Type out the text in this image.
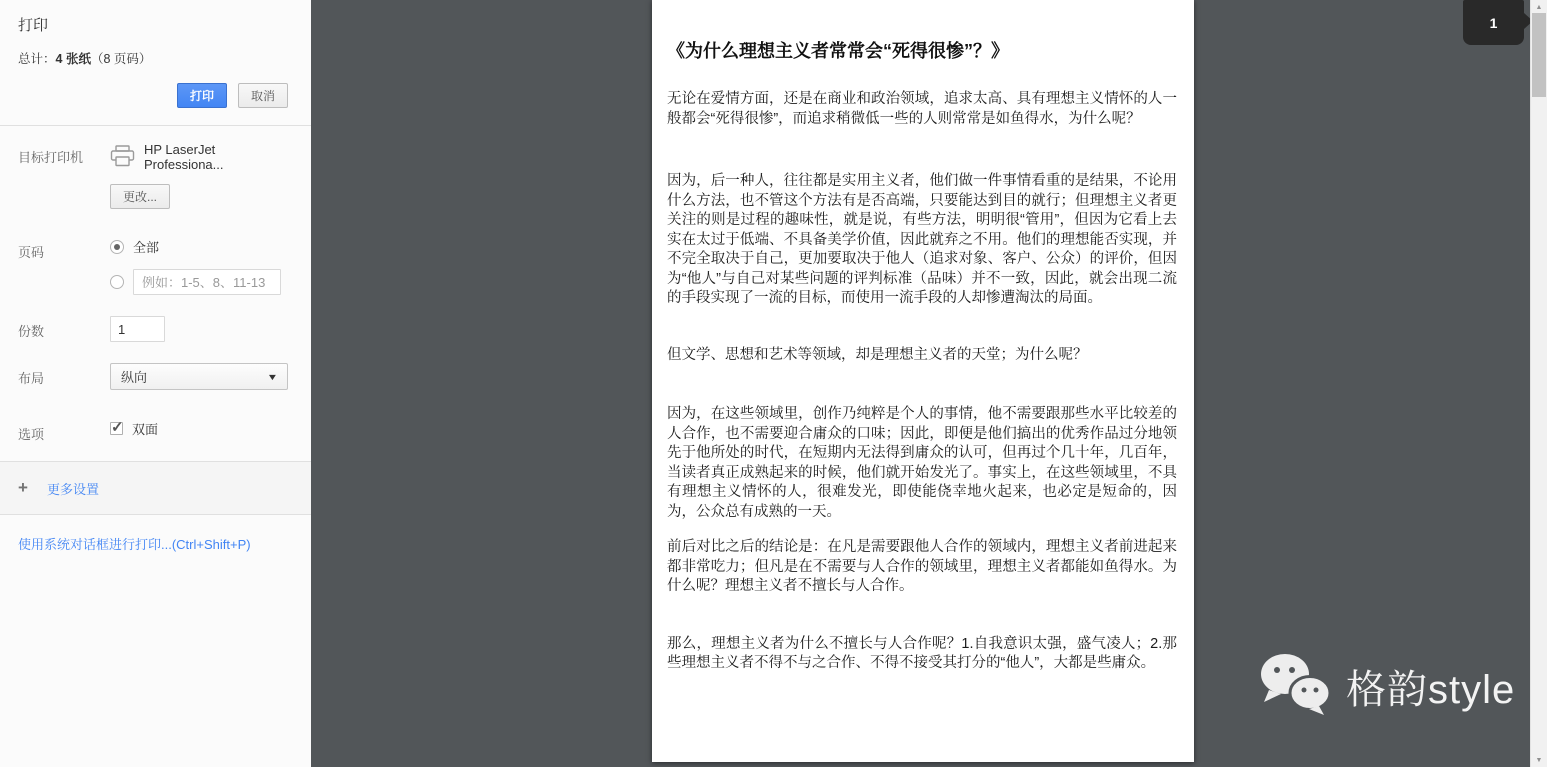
打印
总计：4 张纸（8 页码）
打印	取消
目标打印机
HP LaserJet Professiona...
更改...
页码	全部
例如：1-5、8、11-13
份数
1
布局	纵向	▼
选项	✓ 双面
+	更多设置
使用系统对话框进行打印...(Ctrl+Shift+P)
《为什么理想主义者常常会“死得很惨”？》

无论在爱情方面，还是在商业和政治领域，追求太高、具有理想主义情怀的人一般都会“死得很惨”，而追求稍微低一些的人则常常是如鱼得水，为什么呢？

因为，后一种人，往往都是实用主义者，他们做一件事情看重的是结果，不论用什么方法，也不管这个方法有是否高端，只要能达到目的就行；但理想主义者更关注的则是过程的趣味性，就是说，有些方法，明明很“管用”，但因为它看上去实在太过于低端、不具备美学价值，因此就弃之不用。他们的理想能否实现，并不完全取决于自己，更加要取决于他人（追求对象、客户、公众）的评价，但因为“他人”与自己对某些问题的评判标准（品味）并不一致，因此，就会出现二流的手段实现了一流的目标，而使用一流手段的人却惨遭淘汰的局面。

但文学、思想和艺术等领域，却是理想主义者的天堂；为什么呢？

因为，在这些领域里，创作乃纯粹是个人的事情，他不需要跟那些水平比较差的人合作，也不需要迎合庸众的口味；因此，即便是他们搞出的优秀作品过分地领先于他所处的时代，在短期内无法得到庸众的认可，但再过个几十年，几百年，当读者真正成熟起来的时候，他们就开始发光了。事实上，在这些领域里，不具有理想主义情怀的人，很难发光，即使能侥幸地火起来，也必定是短命的，因为，公众总有成熟的一天。

前后对比之后的结论是：在凡是需要跟他人合作的领域内，理想主义者前进起来都非常吃力；但凡是在不需要与人合作的领域里，理想主义者都能如鱼得水。为什么呢？理想主义者不擅长与人合作。

那么，理想主义者为什么不擅长与人合作呢？1.自我意识太强，盛气凌人；2.那些理想主义者不得不与之合作、不得不接受其打分的“他人”，大都是些庸众。

1
格韵style
▲
▼
